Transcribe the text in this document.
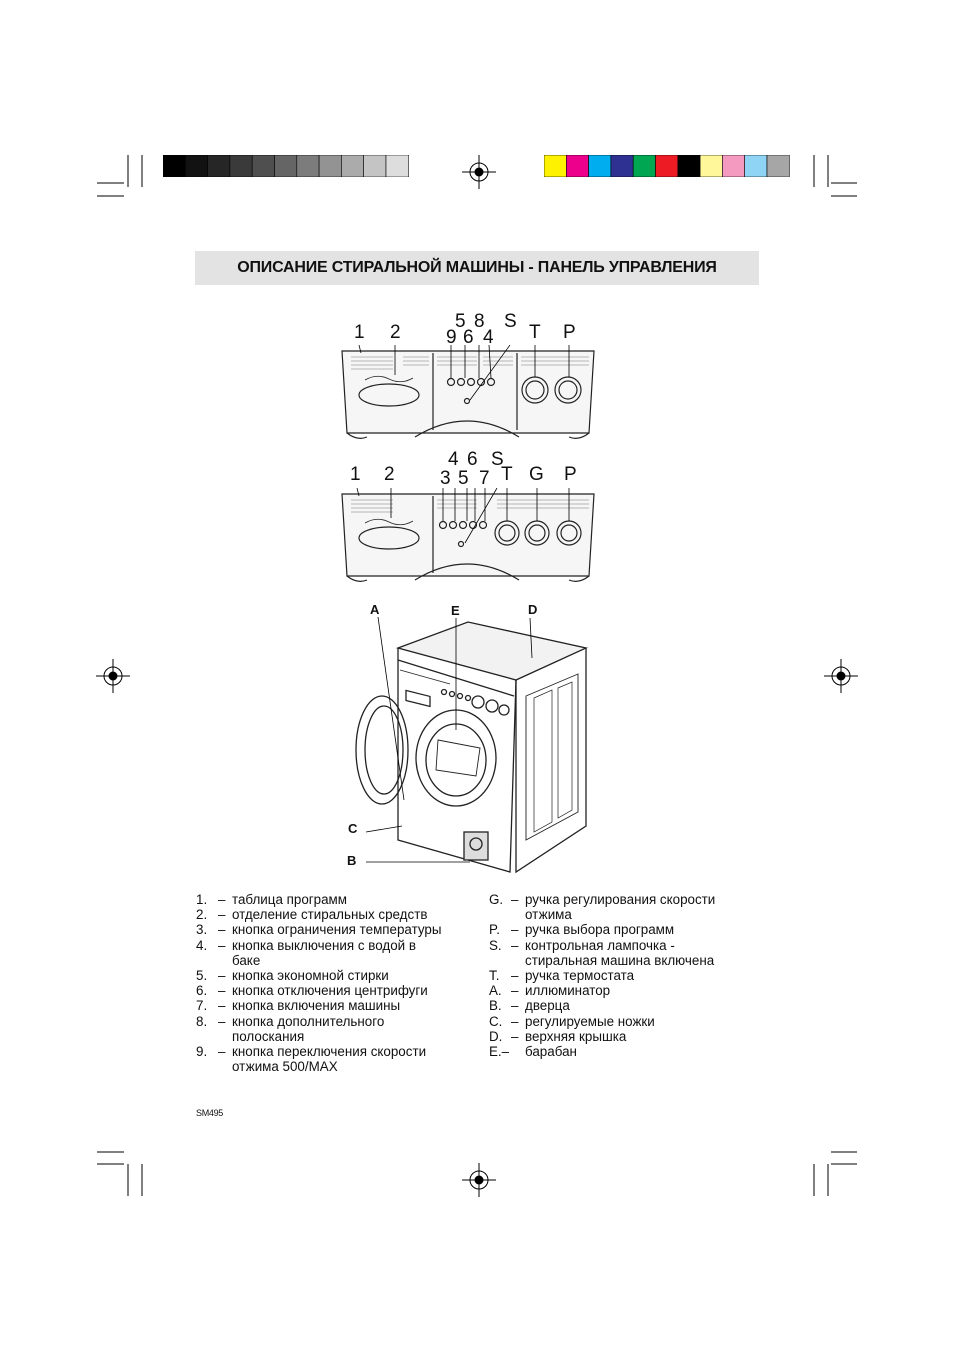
ОПИСАНИЕ СТИРАЛЬНОЙ МАШИНЫ - ПАНЕЛЬ УПРАВЛЕНИЯ
1 2
5 8 S
9 6 4 T P
1 2
4 6 S
3 5 7 T G P
A	E	D
C
B
1. – таблица программ
2. – отделение стиральных средств
3. – кнопка ограничения температуры
4. – кнопка выключения с водой в
баке
5. – кнопка экономной стирки
6. – кнопка отключения центрифуги
7. – кнопка включения машины
8. – кнопка дополнительного
полоскания
9. – кнопка переключения скорости
отжима 500/MAX
G. – ручка регулирования скорости
отжима
P. – ручка выбора программ
S. – контрольная лампочка -
стиральная машина включена
T. – ручка термостата
A. – иллюминатор
B. – дверца
C. – регулируемые ножки
D. – верхняя крышка
E.– барабан
SM495
